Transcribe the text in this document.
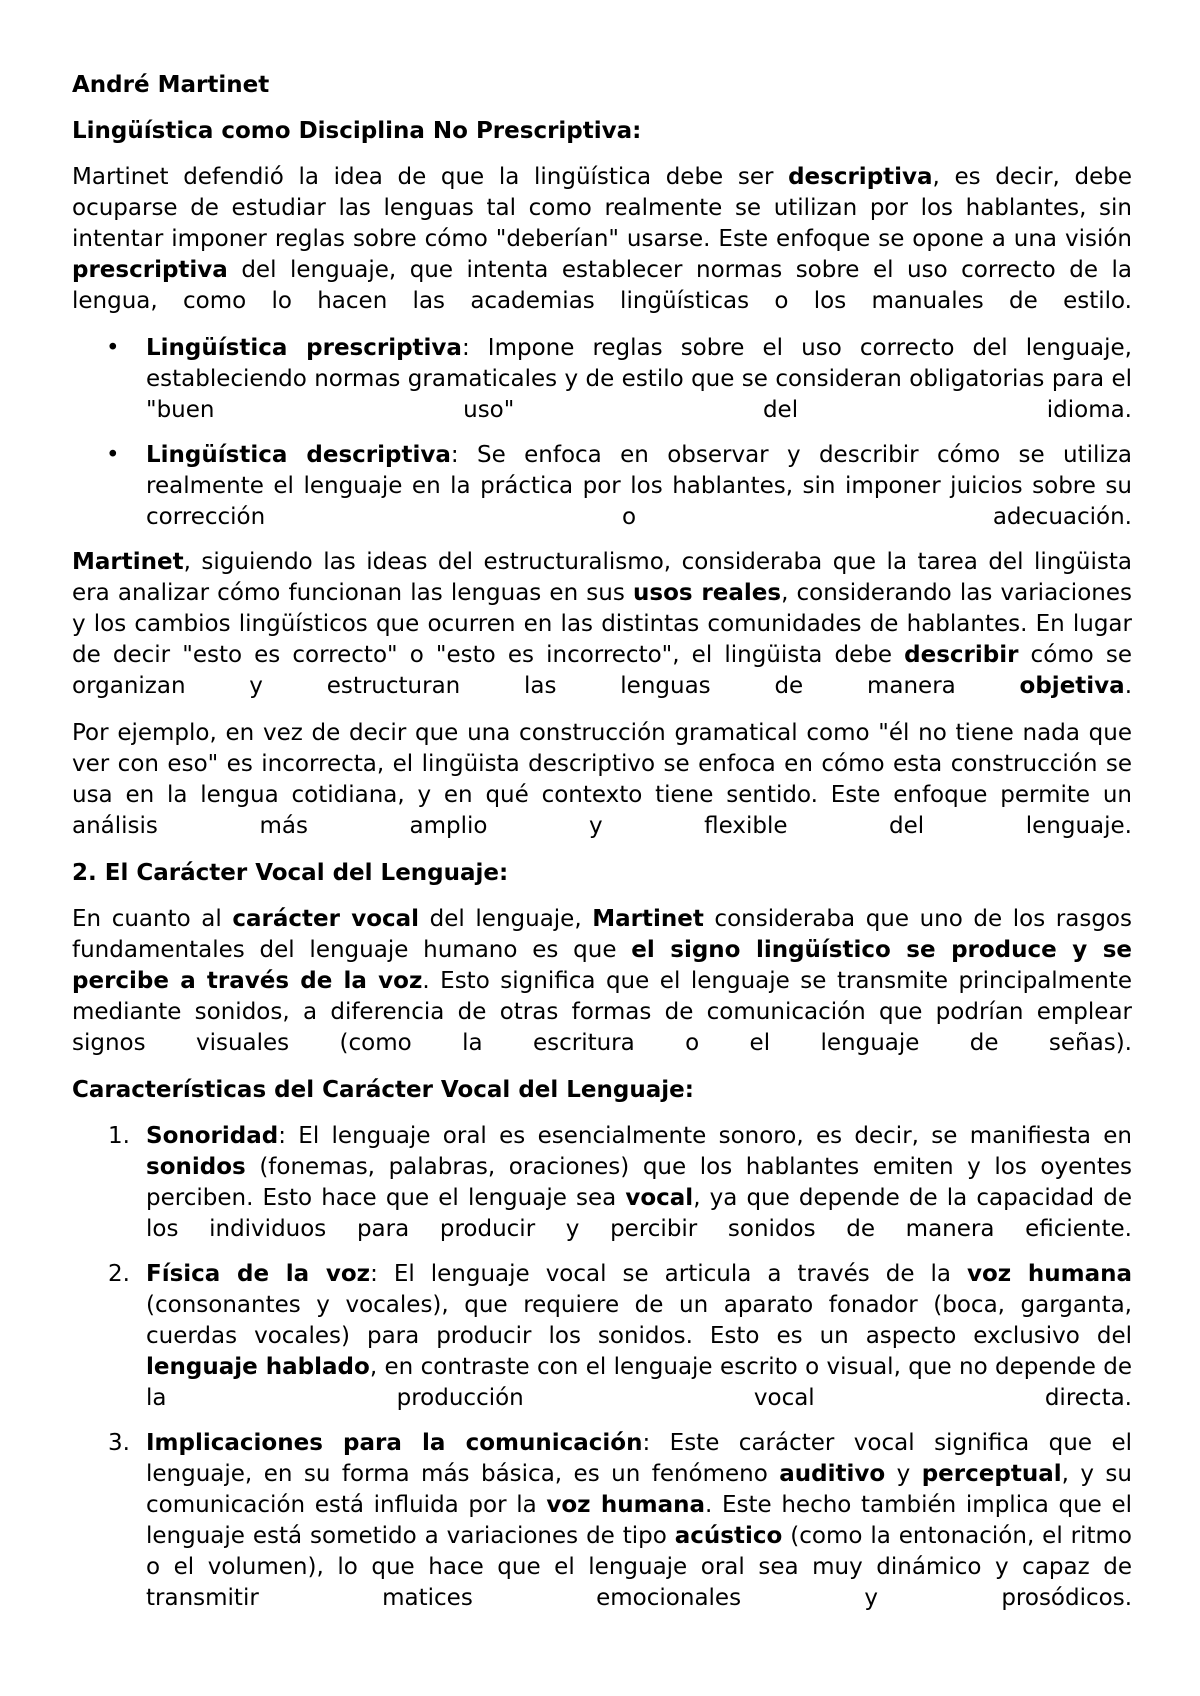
André Martinet
Lingüística como Disciplina No Prescriptiva:
Martinet defendió la idea de que la lingüística debe ser descriptiva, es decir, debe ocuparse de estudiar las lenguas tal como realmente se utilizan por los hablantes, sin intentar imponer reglas sobre cómo "deberían" usarse. Este enfoque se opone a una visión prescriptiva del lenguaje, que intenta establecer normas sobre el uso correcto de la lengua, como lo hacen las academias lingüísticas o los manuales de estilo.
• Lingüística prescriptiva: Impone reglas sobre el uso correcto del lenguaje, estableciendo normas gramaticales y de estilo que se consideran obligatorias para el "buen uso" del idioma.
• Lingüística descriptiva: Se enfoca en observar y describir cómo se utiliza realmente el lenguaje en la práctica por los hablantes, sin imponer juicios sobre su corrección o adecuación.
Martinet, siguiendo las ideas del estructuralismo, consideraba que la tarea del lingüista era analizar cómo funcionan las lenguas en sus usos reales, considerando las variaciones y los cambios lingüísticos que ocurren en las distintas comunidades de hablantes. En lugar de decir "esto es correcto" o "esto es incorrecto", el lingüista debe describir cómo se organizan y estructuran las lenguas de manera objetiva.
Por ejemplo, en vez de decir que una construcción gramatical como "él no tiene nada que ver con eso" es incorrecta, el lingüista descriptivo se enfoca en cómo esta construcción se usa en la lengua cotidiana, y en qué contexto tiene sentido. Este enfoque permite un análisis más amplio y flexible del lenguaje.
2. El Carácter Vocal del Lenguaje:
En cuanto al carácter vocal del lenguaje, Martinet consideraba que uno de los rasgos fundamentales del lenguaje humano es que el signo lingüístico se produce y se percibe a través de la voz. Esto significa que el lenguaje se transmite principalmente mediante sonidos, a diferencia de otras formas de comunicación que podrían emplear signos visuales (como la escritura o el lenguaje de señas).
Características del Carácter Vocal del Lenguaje:
1. Sonoridad: El lenguaje oral es esencialmente sonoro, es decir, se manifiesta en sonidos (fonemas, palabras, oraciones) que los hablantes emiten y los oyentes perciben. Esto hace que el lenguaje sea vocal, ya que depende de la capacidad de los individuos para producir y percibir sonidos de manera eficiente.
2. Física de la voz: El lenguaje vocal se articula a través de la voz humana (consonantes y vocales), que requiere de un aparato fonador (boca, garganta, cuerdas vocales) para producir los sonidos. Esto es un aspecto exclusivo del lenguaje hablado, en contraste con el lenguaje escrito o visual, que no depende de la producción vocal directa.
3. Implicaciones para la comunicación: Este carácter vocal significa que el lenguaje, en su forma más básica, es un fenómeno auditivo y perceptual, y su comunicación está influida por la voz humana. Este hecho también implica que el lenguaje está sometido a variaciones de tipo acústico (como la entonación, el ritmo o el volumen), lo que hace que el lenguaje oral sea muy dinámico y capaz de transmitir matices emocionales y prosódicos.
